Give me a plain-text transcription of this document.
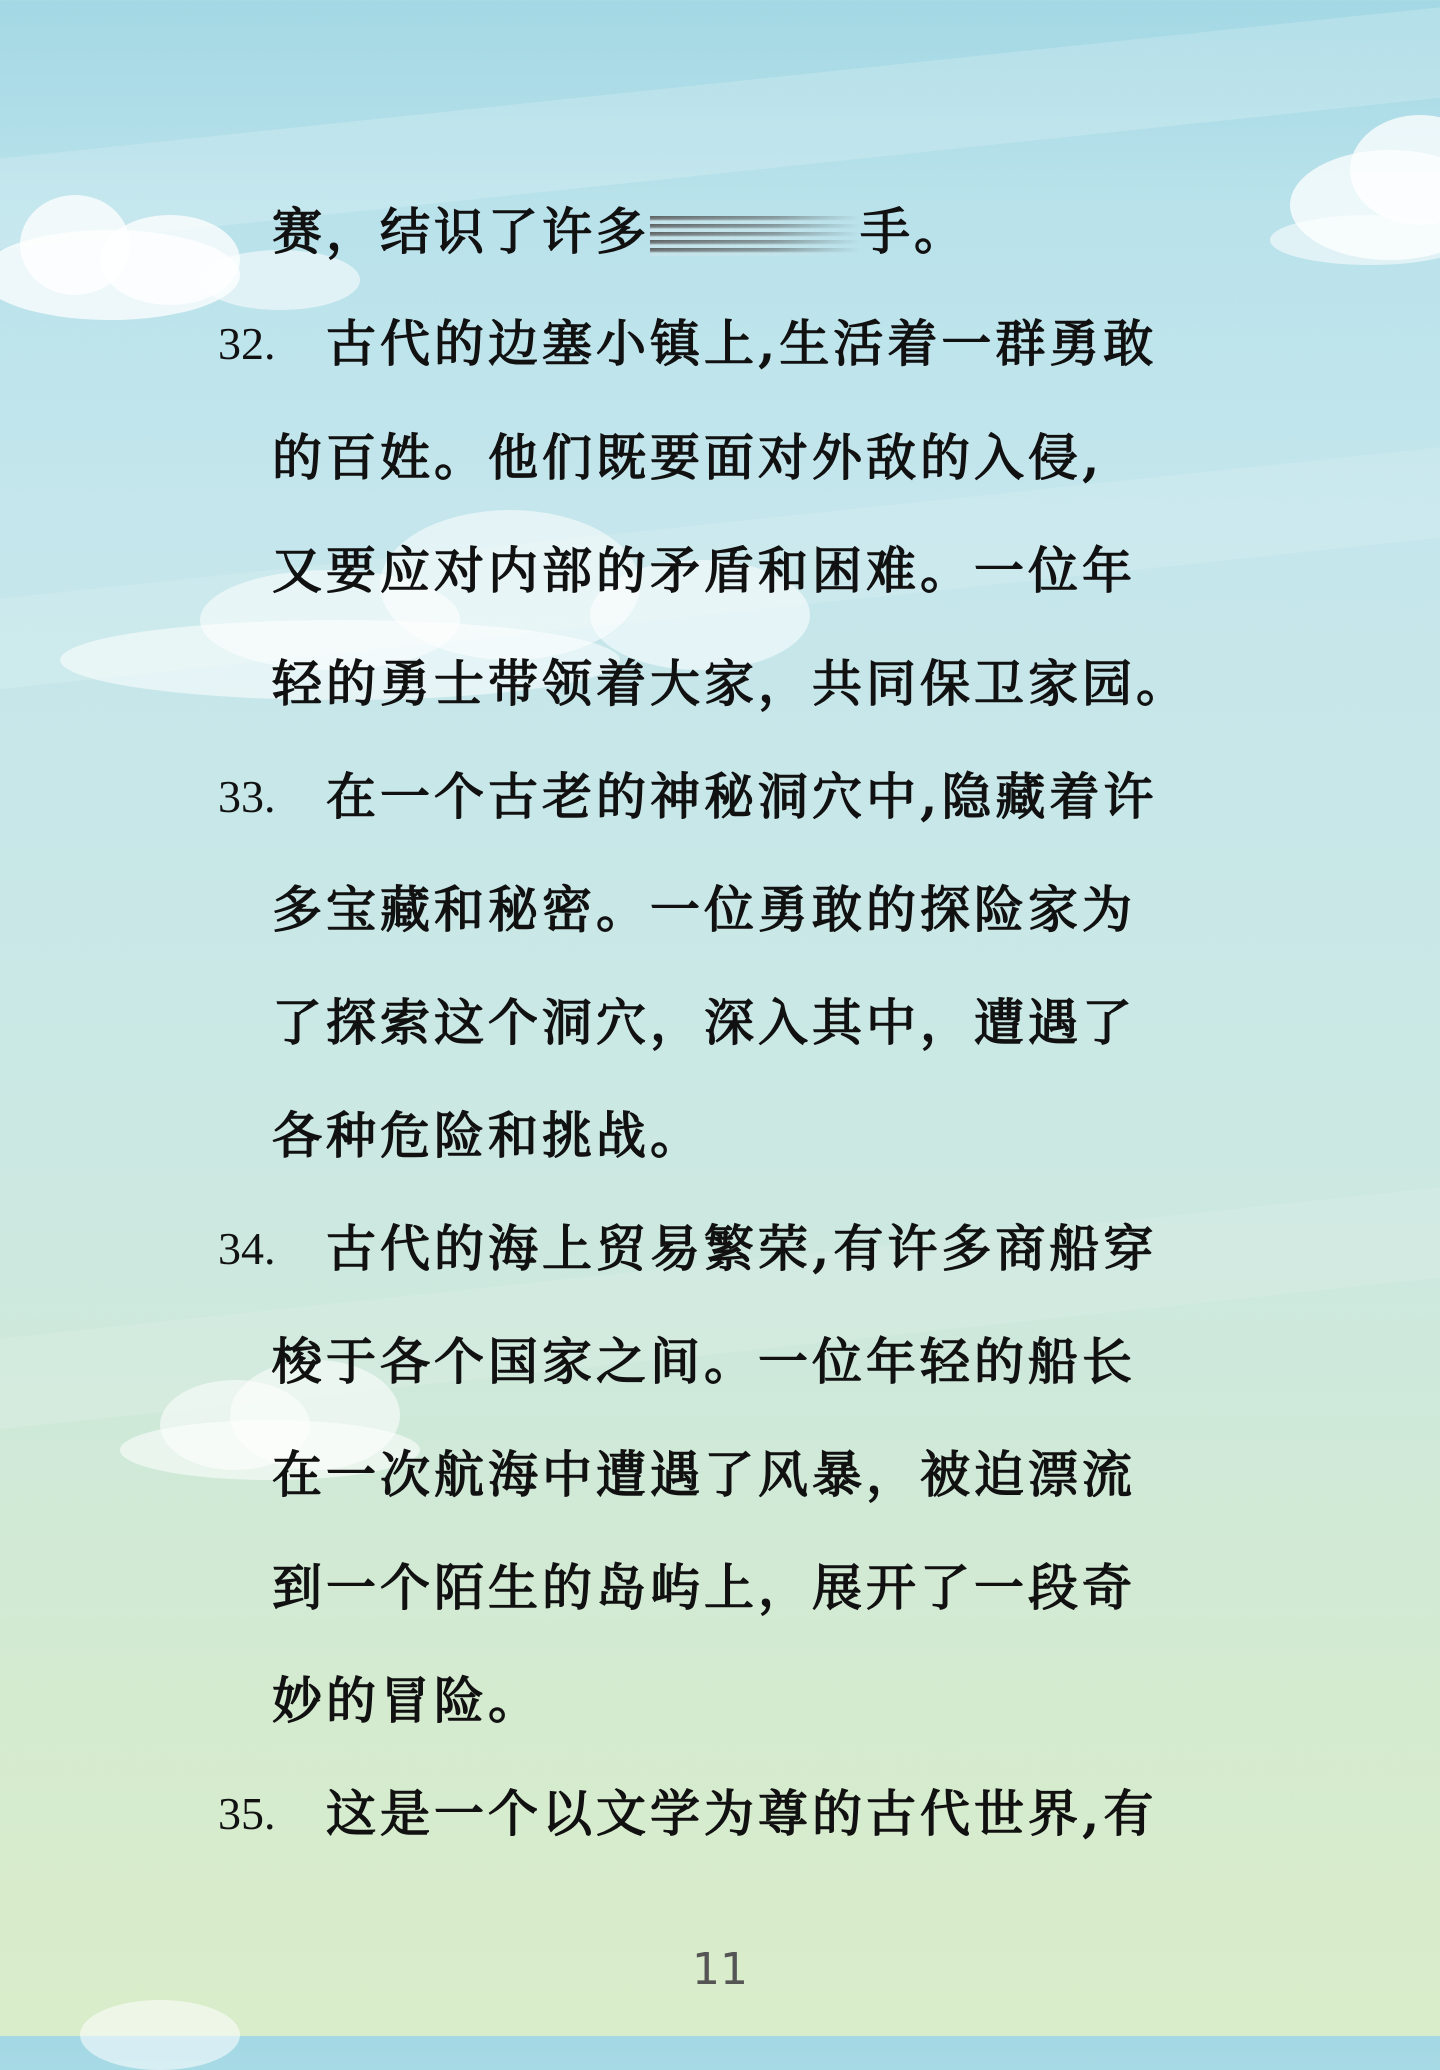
赛，结识了许多	手。
32. 古代的边塞小镇上,生活着一群勇敢
的百姓。他们既要面对外敌的入侵,
又要应对内部的矛盾和困难。一位年
轻的勇士带领着大家，共同保卫家园。
33. 在一个古老的神秘洞穴中,隐藏着许
多宝藏和秘密。一位勇敢的探险家为
了探索这个洞穴，深入其中，遭遇了
各种危险和挑战。
34. 古代的海上贸易繁荣,有许多商船穿
梭于各个国家之间。一位年轻的船长
在一次航海中遭遇了风暴，被迫漂流
到一个陌生的岛屿上，展开了一段奇
妙的冒险。
35. 这是一个以文学为尊的古代世界,有
11
